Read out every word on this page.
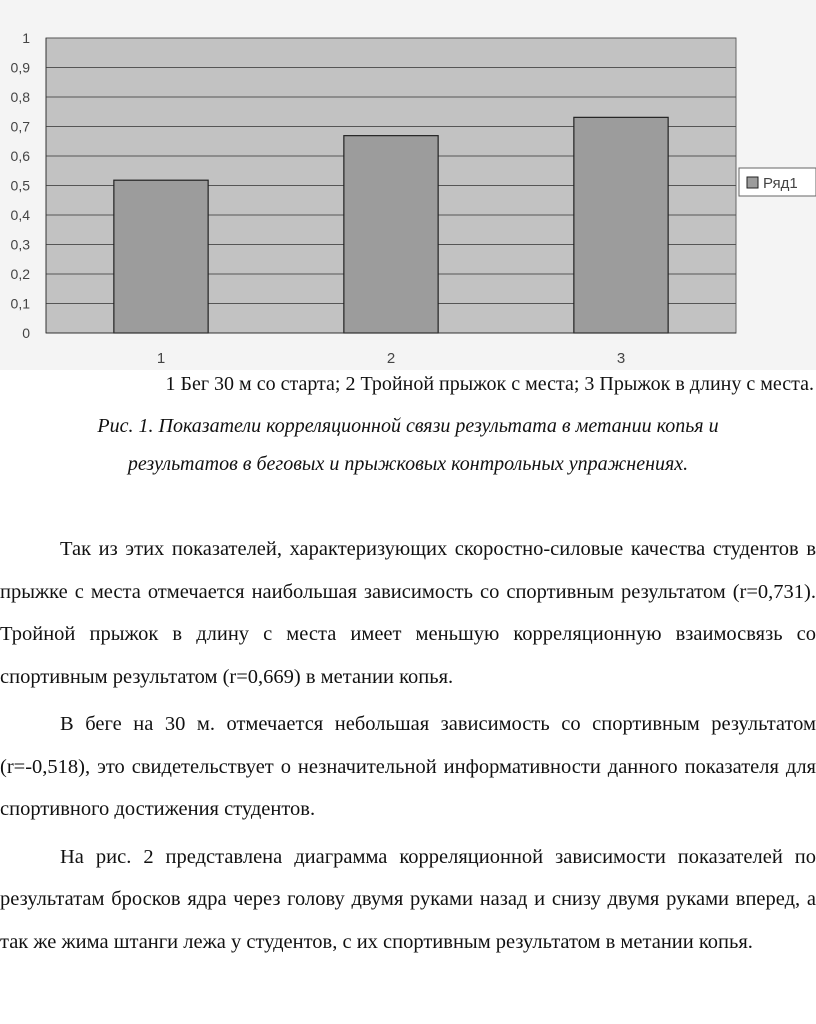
0
0,1
0,2
0,3
0,4
0,5
0,6
0,7
0,8
0,9
1
1	2	3
Ряд1

1 Бег 30 м со старта; 2 Тройной прыжок с места; 3 Прыжок в длину с места.

Рис. 1. Показатели корреляционной связи результата в метании копья и
результатов в беговых и прыжковых контрольных упражнениях.

Так из этих показателей, характеризующих скоростно-силовые качества студентов в прыжке с места отмечается наибольшая зависимость со спортивным результатом (r=0,731). Тройной прыжок в длину с места имеет меньшую корреляционную взаимосвязь со спортивным результатом (r=0,669) в метании копья.

В беге на 30 м. отмечается небольшая зависимость со спортивным результатом (r=-0,518), это свидетельствует о незначительной информативности данного показателя для спортивного достижения студентов.

На рис. 2 представлена диаграмма корреляционной зависимости показателей по результатам бросков ядра через голову двумя руками назад и снизу двумя руками вперед, а так же жима штанги лежа у студентов, с их спортивным результатом в метании копья.
